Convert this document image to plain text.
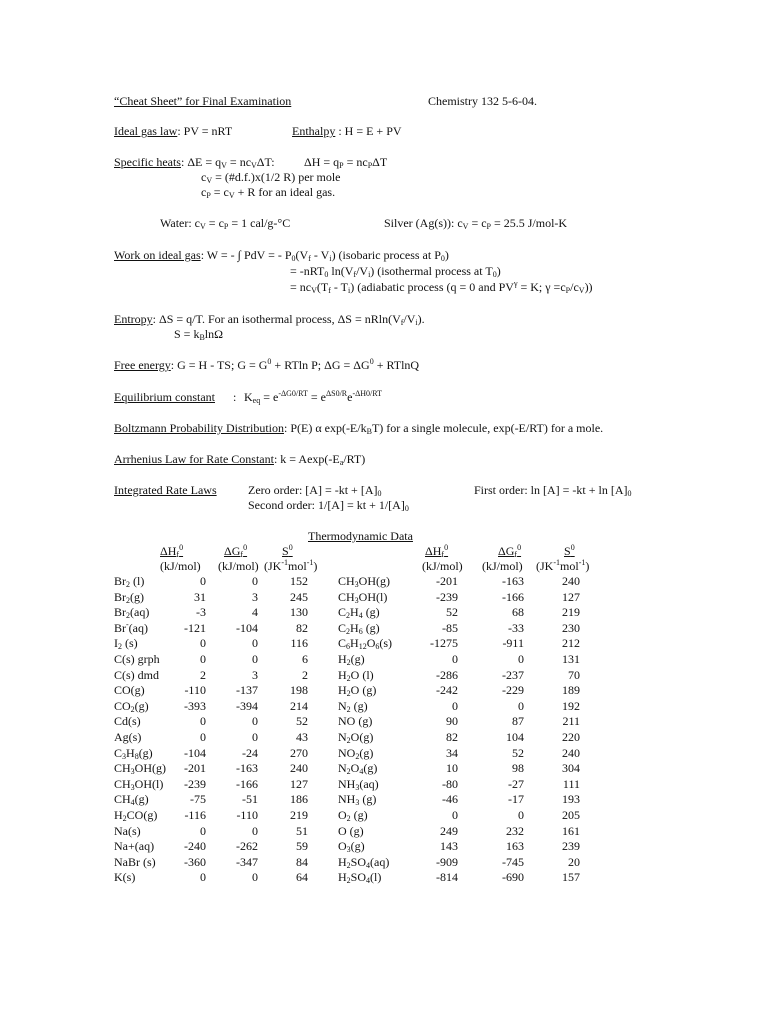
“Cheat Sheet” for Final Examination	Chemistry 132 5-6-04.
Ideal gas law: PV = nRT	Enthalpy : H = E + PV
Specific heats: $\Delta E = q_V = nc_V\Delta T$: $\Delta H = q_P = nc_P\Delta T$
$c_V$ = (#d.f.)x(1/2 R) per mole
$c_P = c_V + R$ for an ideal gas.
Water: $c_V = c_P = 1$ cal/g-°C	Silver (Ag(s)): $c_V = c_P = 25.5$ J/mol-K
Work on ideal gas: W = - ∫ PdV = - $P_0(V_f - V_i)$ (isobaric process at $P_0$)
= -nRT$_0$ $\ln(V_f/V_i)$ (isothermal process at $T_0$)
= $nc_V(T_f - T_i)$ (adiabatic process (q = 0 and $PV^\gamma = K$; $\gamma =c_P/c_V$))
Entropy: ΔS = q/T. For an isothermal process, $\Delta S = nRln(V_f/V_i)$.
$S = k_B\ln\Omega$
Free energy: G = H - TS; $G = G^0 + RTln$ P; $\Delta G = \Delta G^0 + RTlnQ$
Equilibrium constant : $K_{eq} = e^{-\Delta G0/RT} = e^{\Delta S0/R}e^{-\Delta H0/RT}$
Boltzmann Probability Distribution: P(E) α $\exp(-E/k_BT)$ for a single molecule, exp(-E/RT) for a mole.
Arrhenius Law for Rate Constant: $k = Aexp(-E_a/RT)$
Integrated Rate Laws	Zero order: $[A] = -kt + [A]_0$
Second order: 1/[A] = kt + $1/[A]_0$
First order: $\ln [A] = -kt + \ln [A]_0$
Thermodynamic Data
$\Delta H_f^0$	$\Delta G_f^0$	$S^0$	$\Delta H_f^0$	$\Delta G_f^0$	$S^0$
(kJ/mol) (kJ/mol) $(JK^{-1}mol^{-1})$	(kJ/mol) (kJ/mol) $(JK^{-1}mol^{-1})$
$Br_2$ (l)	0	0	152	$CH_3OH(g)$	-201	-163	240
$Br_2(g)$	31	3	245	$CH_3OH(l)$	-239	-166	127
$Br_2(aq)$	-3	4	130	$C_2H_4$ (g)	52	68	219
Br-(aq)	-121	-104	82	$C_2H_6$ (g)	-85	-33	230
$I_2$ (s)	0	0	116	$C_6H_{12}O_6(s)$	-1275	-911	212
C(s) grph	0	0	6	$H_2(g)$	0	0	131
C(s) dmd	2	3	2	$H_2O$ (l)	-286	-237	70
CO(g)	-110	-137	198	$H_2O$ (g)	-242	-229	189
$CO_2(g)$	-393	-394	214	$N_2$ (g)	0	0	192
Cd(s)	0	0	52	NO (g)	90	87	211
Ag(s)	0	0	43	$N_2O(g)$	82	104	220
$C_3H_8(g)$	-104	-24	270	$NO_2(g)$	34	52	240
$CH_3OH(g)$	-201	-163	240	$N_2O_4(g)$	10	98	304
$CH_3OH(l)$	-239	-166	127	$NH_3(aq)$	-80	-27	111
$CH_4(g)$	-75	-51	186	$NH_3$ (g)	-46	-17	193
$H_2CO(g)$	-116	-110	219	$O_2$ (g)	0	0	205
Na(s)	0	0	51	O (g)	249	232	161
Na+(aq)	-240	-262	59	$O_3(g)$	143	163	239
NaBr (s)	-360	-347	84	$H_2SO_4(aq)$	-909	-745	20
K(s)	0	0	64	$H_2SO_4(l)$	-814	-690	157
